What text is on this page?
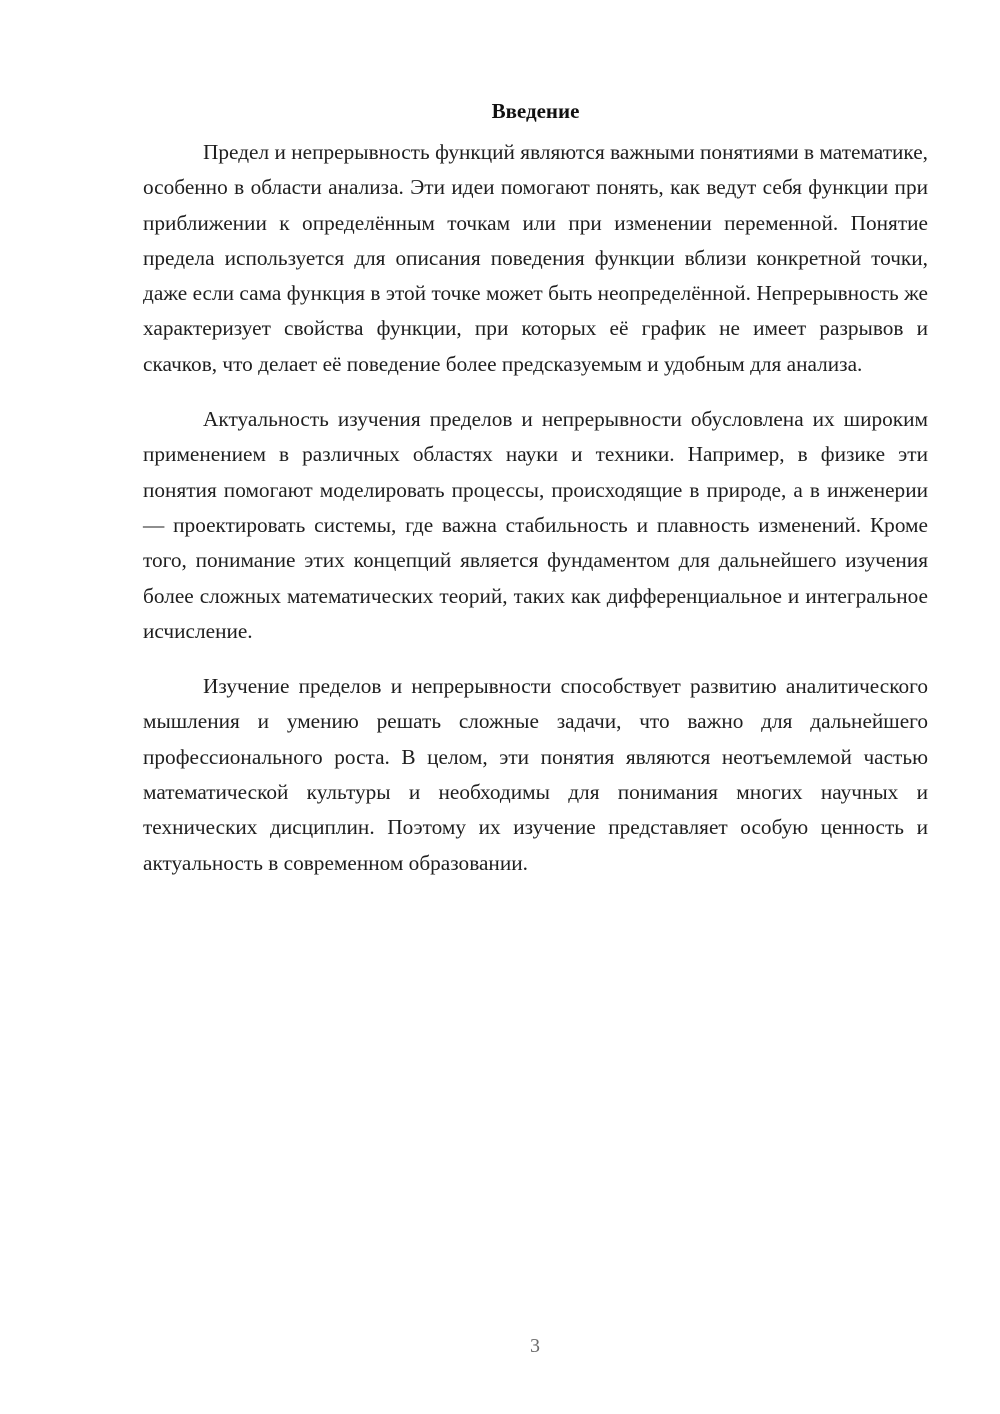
Введение

Предел и непрерывность функций являются важными понятиями в математике, особенно в области анализа. Эти идеи помогают понять, как ведут себя функции при приближении к определённым точкам или при изменении переменной. Понятие предела используется для описания поведения функции вблизи конкретной точки, даже если сама функция в этой точке может быть неопределённой. Непрерывность же характеризует свойства функции, при которых её график не имеет разрывов и скачков, что делает её поведение более предсказуемым и удобным для анализа.

Актуальность изучения пределов и непрерывности обусловлена их широким применением в различных областях науки и техники. Например, в физике эти понятия помогают моделировать процессы, происходящие в природе, а в инженерии — проектировать системы, где важна стабильность и плавность изменений. Кроме того, понимание этих концепций является фундаментом для дальнейшего изучения более сложных математических теорий, таких как дифференциальное и интегральное исчисление.

Изучение пределов и непрерывности способствует развитию аналитического мышления и умению решать сложные задачи, что важно для дальнейшего профессионального роста. В целом, эти понятия являются неотъемлемой частью математической культуры и необходимы для понимания многих научных и технических дисциплин. Поэтому их изучение представляет особую ценность и актуальность в современном образовании.

3
